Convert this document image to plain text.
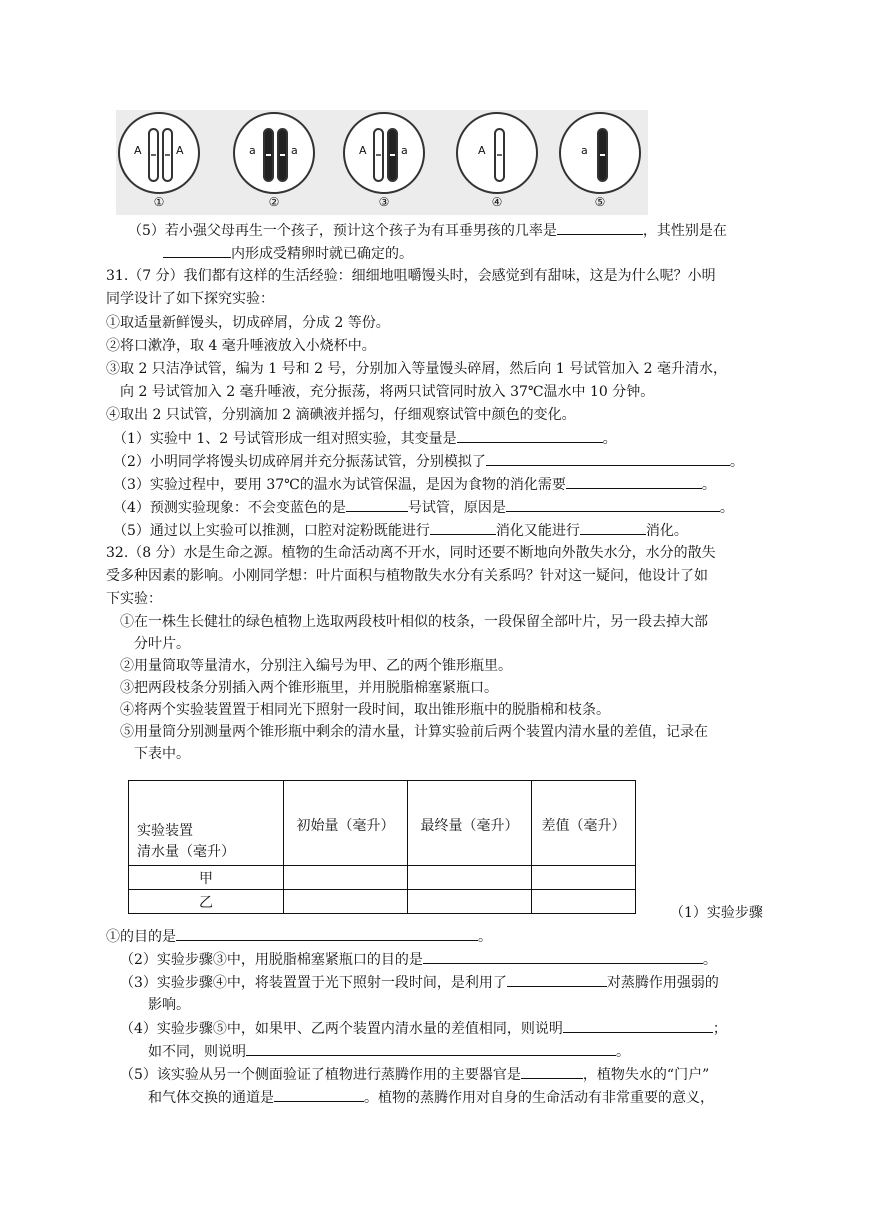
A	A
①
a	a
②
A	a
③
A
④
a
⑤
（5）若小强父母再生一个孩子，预计这个孩子为有耳垂男孩的几率是	，其性别是在
内形成受精卵时就已确定的。
31.（7 分）我们都有这样的生活经验：细细地咀嚼馒头时，会感觉到有甜味，这是为什么呢？小明
同学设计了如下探究实验：
①取适量新鲜馒头，切成碎屑，分成 2 等份。
②将口漱净，取 4 毫升唾液放入小烧杯中。
③取 2 只洁净试管，编为 1 号和 2 号，分别加入等量馒头碎屑，然后向 1 号试管加入 2 毫升清水，
向 2 号试管加入 2 毫升唾液，充分振荡，将两只试管同时放入 37℃温水中 10 分钟。
④取出 2 只试管，分别滴加 2 滴碘液并摇匀，仔细观察试管中颜色的变化。
（1）实验中 1、2 号试管形成一组对照实验，其变量是	。
（2）小明同学将馒头切成碎屑并充分振荡试管，分别模拟了	。
（3）实验过程中，要用 37℃的温水为试管保温，是因为食物的消化需要	。
（4）预测实验现象：不会变蓝色的是	号试管，原因是	。
（5）通过以上实验可以推测，口腔对淀粉既能进行	消化又能进行	消化。
32.（8 分）水是生命之源。植物的生命活动离不开水，同时还要不断地向外散失水分，水分的散失
受多种因素的影响。小刚同学想：叶片面积与植物散失水分有关系吗？针对这一疑问，他设计了如
下实验：
①在一株生长健壮的绿色植物上选取两段枝叶相似的枝条，一段保留全部叶片，另一段去掉大部
分叶片。
②用量筒取等量清水，分别注入编号为甲、乙的两个锥形瓶里。
③把两段枝条分别插入两个锥形瓶里，并用脱脂棉塞紧瓶口。
④将两个实验装置置于相同光下照射一段时间，取出锥形瓶中的脱脂棉和枝条。
⑤用量筒分别测量两个锥形瓶中剩余的清水量，计算实验前后两个装置内清水量的差值，记录在
下表中。
实验装置
清水量（毫升）	初始量（毫升）	最终量（毫升）	差值（毫升）

甲			
乙			
（1）实验步骤
①的目的是	。
（2）实验步骤③中，用脱脂棉塞紧瓶口的目的是	。
（3）实验步骤④中，将装置置于光下照射一段时间，是利用了	对蒸腾作用强弱的
影响。
（4）实验步骤⑤中，如果甲、乙两个装置内清水量的差值相同，则说明	；
如不同，则说明	。
（5）该实验从另一个侧面验证了植物进行蒸腾作用的主要器官是	，植物失水的“门户”
和气体交换的通道是	。植物的蒸腾作用对自身的生命活动有非常重要的意义，
